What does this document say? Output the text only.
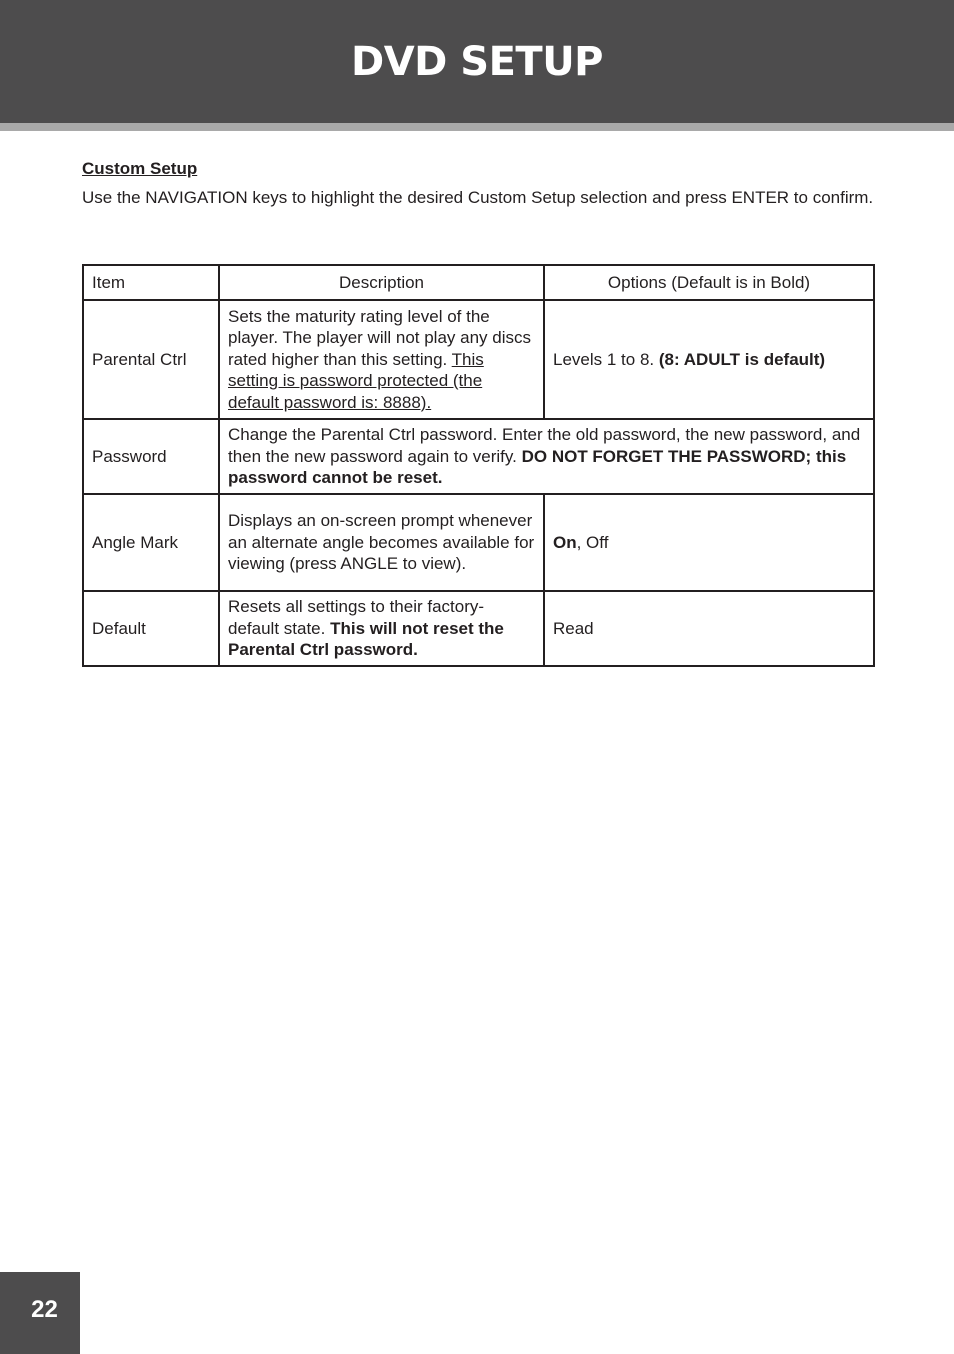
DVD SETUP
Custom Setup
Use the NAVIGATION keys to highlight the desired Custom Setup selection and press ENTER to confirm.
Item	Description	Options (Default is in Bold)
Parental Ctrl	Sets the maturity rating level of the player. The player will not play any discs rated higher than this setting. This setting is password protected (the default password is: 8888).	Levels 1 to 8. (8: ADULT is default)
Password	Change the Parental Ctrl password. Enter the old password, the new password, and then the new password again to verify. DO NOT FORGET THE PASSWORD; this password cannot be reset.	
Angle Mark	Displays an on-screen prompt whenever an alternate angle becomes available for viewing (press ANGLE to view).	On, Off
Default	Resets all settings to their factory-default state. This will not reset the Parental Ctrl password.	Read
22
